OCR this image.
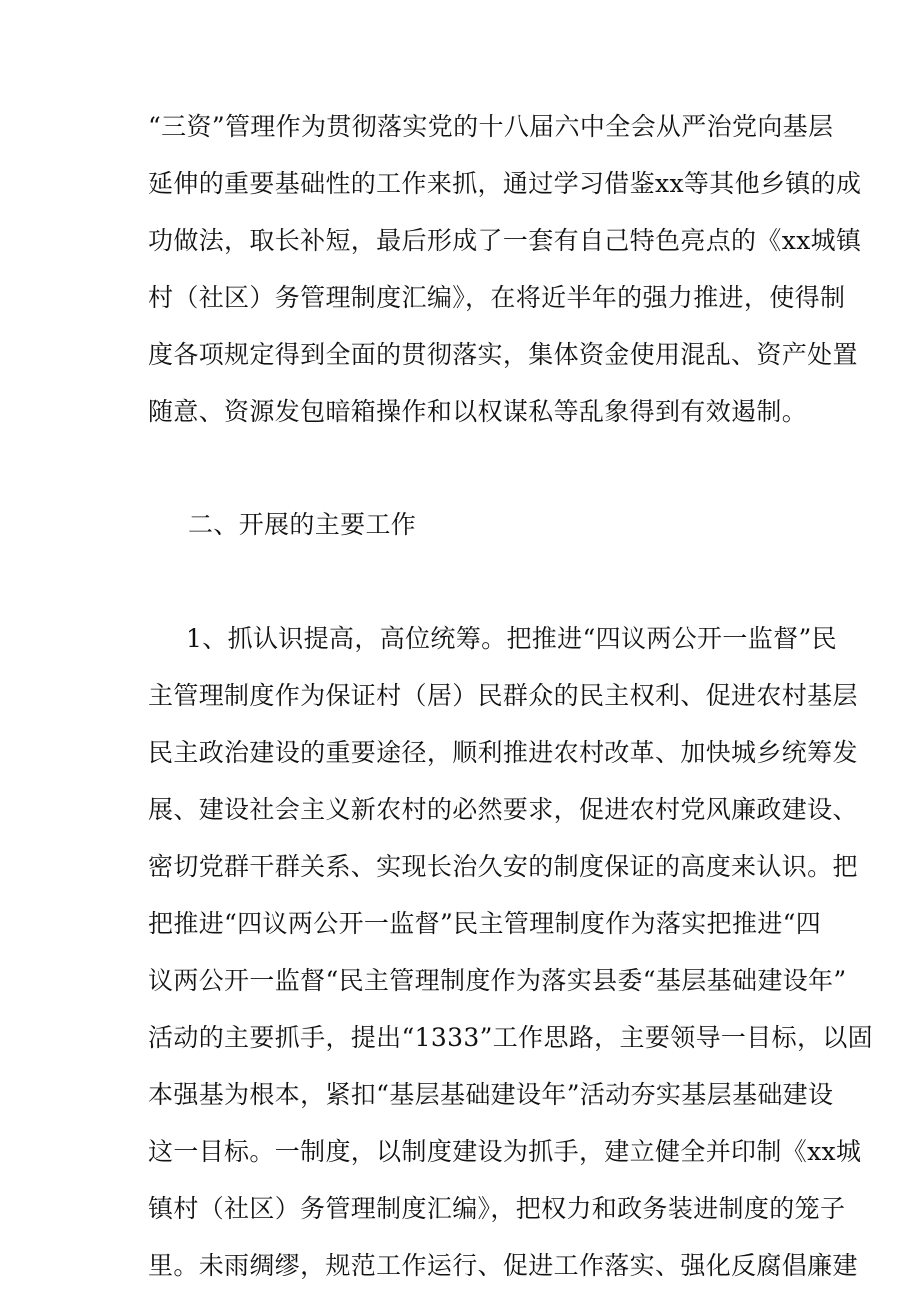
“三资”管理作为贯彻落实党的十八届六中全会从严治党向基层
延伸的重要基础性的工作来抓，通过学习借鉴xx等其他乡镇的成
功做法，取长补短，最后形成了一套有自己特色亮点的《xx城镇
村（社区）务管理制度汇编》，在将近半年的强力推进，使得制
度各项规定得到全面的贯彻落实，集体资金使用混乱、资产处置
随意、资源发包暗箱操作和以权谋私等乱象得到有效遏制。
二、开展的主要工作
1、抓认识提高，高位统筹。把推进“四议两公开一监督”民
主管理制度作为保证村（居）民群众的民主权利、促进农村基层
民主政治建设的重要途径，顺利推进农村改革、加快城乡统筹发
展、建设社会主义新农村的必然要求，促进农村党风廉政建设、
密切党群干群关系、实现长治久安的制度保证的高度来认识。把
把推进“四议两公开一监督”民主管理制度作为落实把推进“四
议两公开一监督“民主管理制度作为落实县委“基层基础建设年”
活动的主要抓手，提出“1333”工作思路，主要领导一目标，以固
本强基为根本，紧扣“基层基础建设年”活动夯实基层基础建设
这一目标。一制度，以制度建设为抓手，建立健全并印制《xx城
镇村（社区）务管理制度汇编》，把权力和政务装进制度的笼子
里。未雨绸缪，规范工作运行、促进工作落实、强化反腐倡廉建
